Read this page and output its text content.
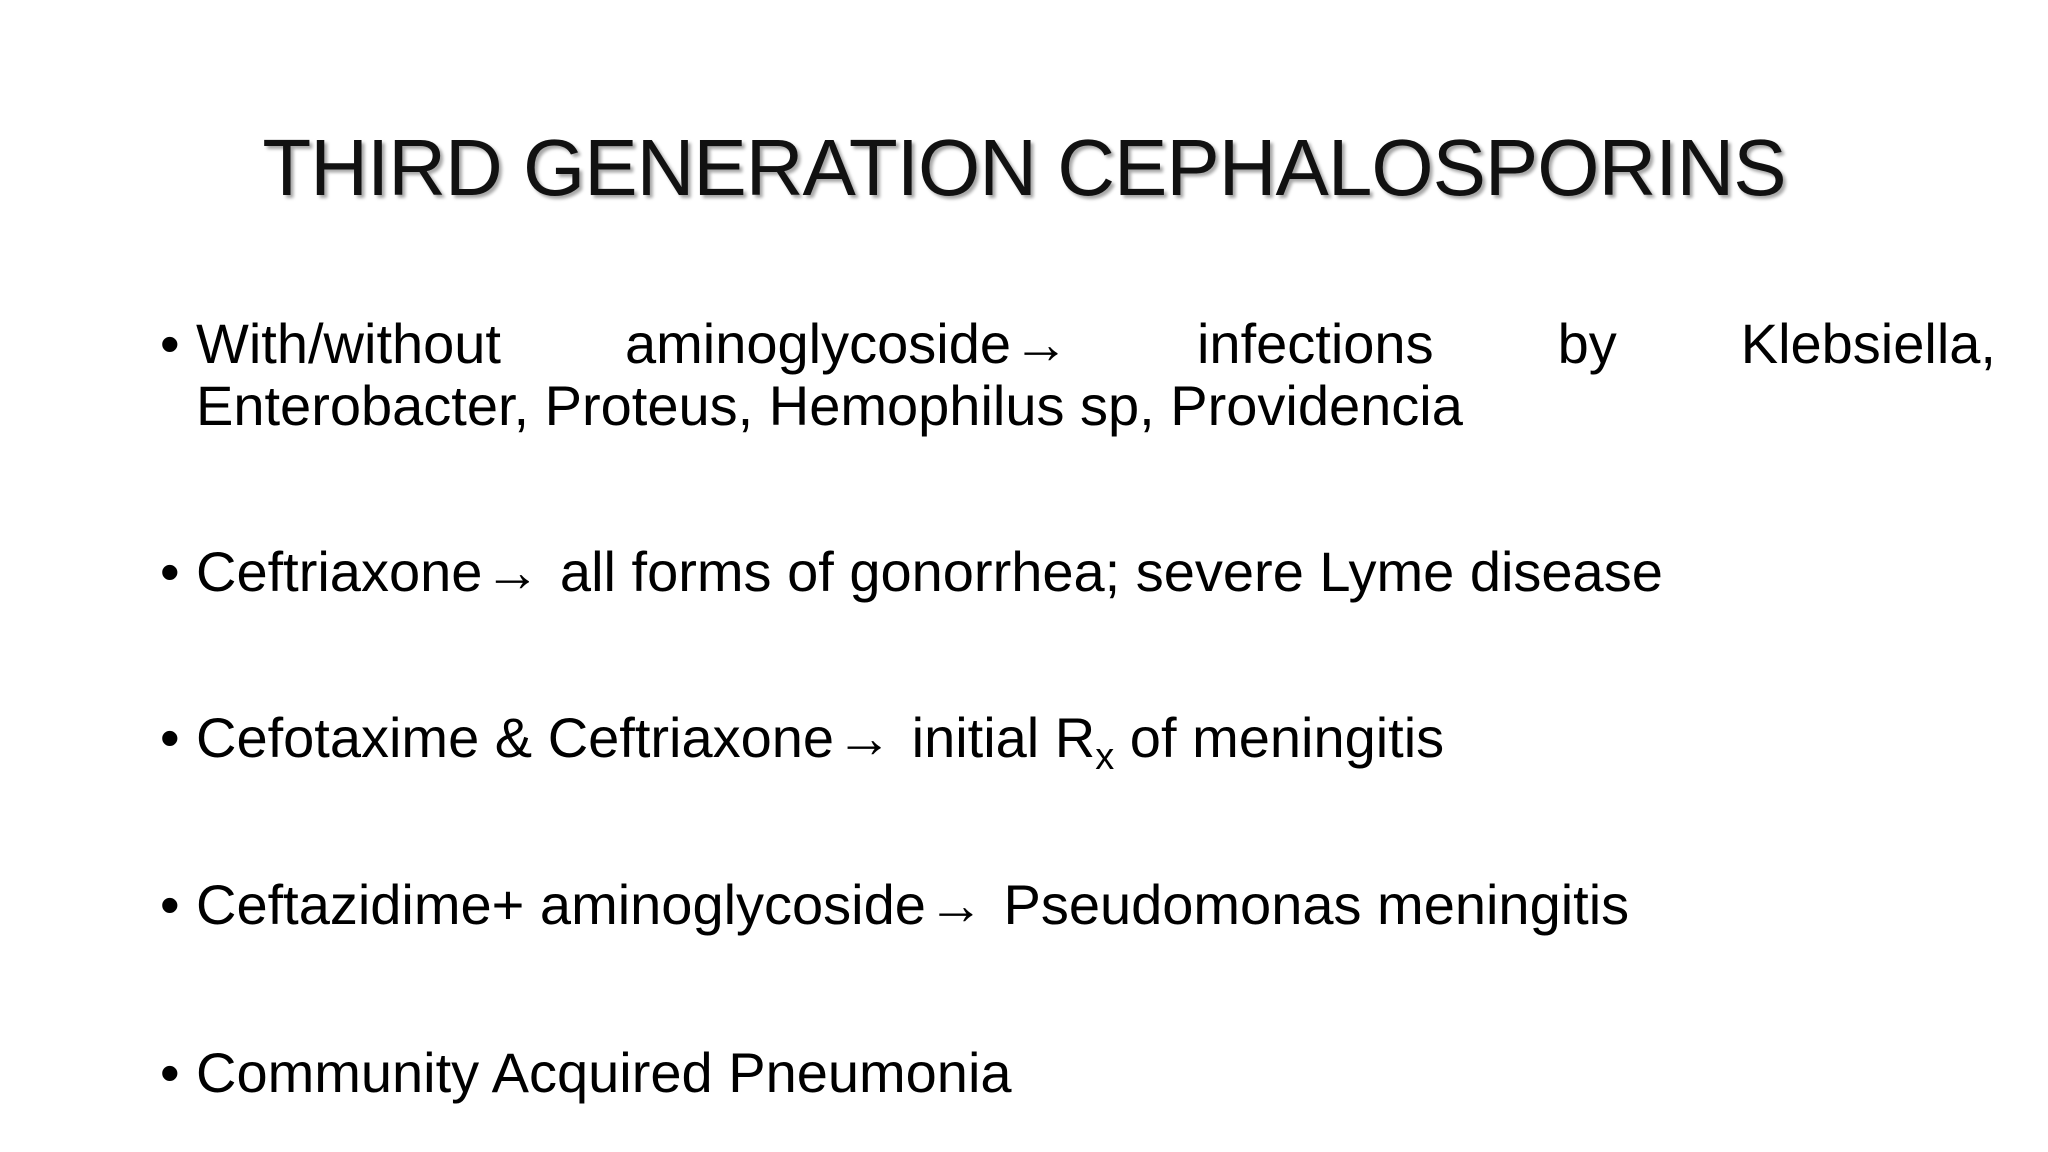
THIRD GENERATION CEPHALOSPORINS
• With/without aminoglycoside→ infections by Klebsiella,
Enterobacter, Proteus, Hemophilus sp, Providencia
• Ceftriaxone→ all forms of gonorrhea; severe Lyme disease
• Cefotaxime & Ceftriaxone→ initial $R_x$ of meningitis
• Ceftazidime+ aminoglycoside→ Pseudomonas meningitis
• Community Acquired Pneumonia
